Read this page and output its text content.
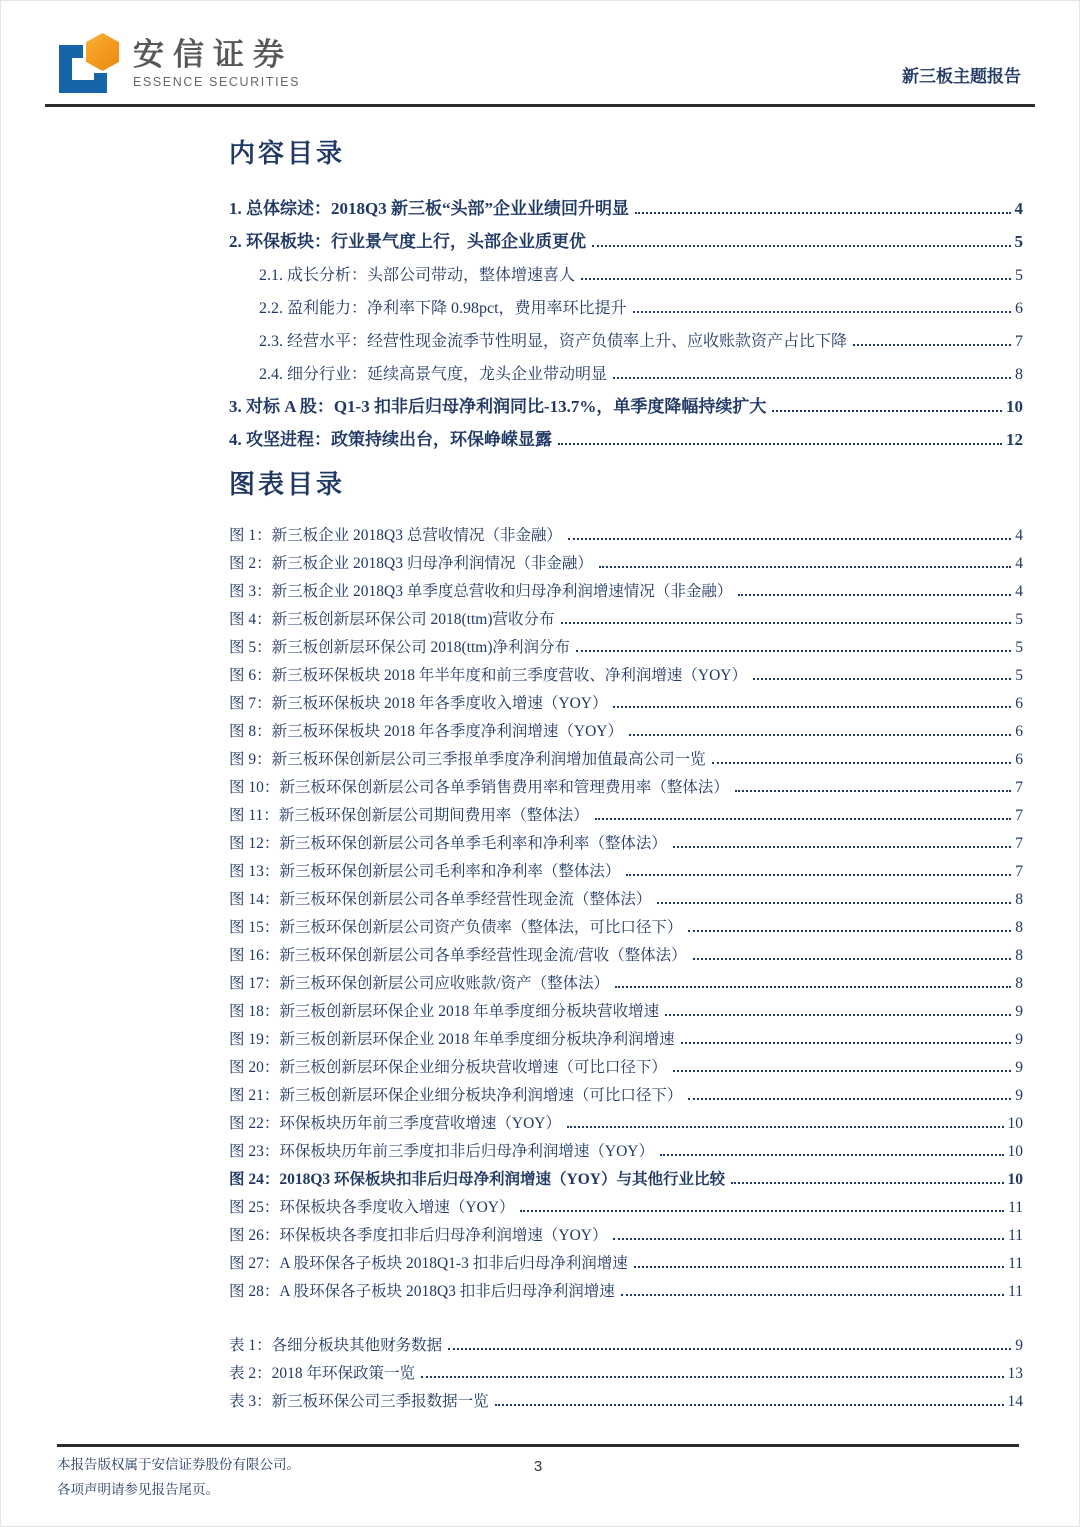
安信证券
ESSENCE SECURITIES	新三板主题报告
内容目录
1. 总体综述：2018Q3 新三板“头部”企业业绩回升明显	4
2. 环保板块：行业景气度上行，头部企业质更优	5
2.1. 成长分析：头部公司带动，整体增速喜人	5
2.2. 盈利能力：净利率下降 0.98pct，费用率环比提升	6
2.3. 经营水平：经营性现金流季节性明显，资产负债率上升、应收账款资产占比下降	7
2.4. 细分行业：延续高景气度，龙头企业带动明显	8
3. 对标 A 股：Q1-3 扣非后归母净利润同比-13.7%，单季度降幅持续扩大	10
4. 攻坚进程：政策持续出台，环保峥嵘显露	12
图表目录
图 1：新三板企业 2018Q3 总营收情况（非金融）	4
图 2：新三板企业 2018Q3 归母净利润情况（非金融）	4
图 3：新三板企业 2018Q3 单季度总营收和归母净利润增速情况（非金融）	4
图 4：新三板创新层环保公司 2018(ttm)营收分布	5
图 5：新三板创新层环保公司 2018(ttm)净利润分布	5
图 6：新三板环保板块 2018 年半年度和前三季度营收、净利润增速（YOY）	5
图 7：新三板环保板块 2018 年各季度收入增速（YOY）	6
图 8：新三板环保板块 2018 年各季度净利润增速（YOY）	6
图 9：新三板环保创新层公司三季报单季度净利润增加值最高公司一览	6
图 10：新三板环保创新层公司各单季销售费用率和管理费用率（整体法）	7
图 11：新三板环保创新层公司期间费用率（整体法）	7
图 12：新三板环保创新层公司各单季毛利率和净利率（整体法）	7
图 13：新三板环保创新层公司毛利率和净利率（整体法）	7
图 14：新三板环保创新层公司各单季经营性现金流（整体法）	8
图 15：新三板环保创新层公司资产负债率（整体法，可比口径下）	8
图 16：新三板环保创新层公司各单季经营性现金流/营收（整体法）	8
图 17：新三板环保创新层公司应收账款/资产（整体法）	8
图 18：新三板创新层环保企业 2018 年单季度细分板块营收增速	9
图 19：新三板创新层环保企业 2018 年单季度细分板块净利润增速	9
图 20：新三板创新层环保企业细分板块营收增速（可比口径下）	9
图 21：新三板创新层环保企业细分板块净利润增速（可比口径下）	9
图 22：环保板块历年前三季度营收增速（YOY）	10
图 23：环保板块历年前三季度扣非后归母净利润增速（YOY）	10
图 24：2018Q3 环保板块扣非后归母净利润增速（YOY）与其他行业比较	10
图 25：环保板块各季度收入增速（YOY）	11
图 26：环保板块各季度扣非后归母净利润增速（YOY）	11
图 27：A 股环保各子板块 2018Q1-3 扣非后归母净利润增速	11
图 28：A 股环保各子板块 2018Q3 扣非后归母净利润增速	11
表 1：各细分板块其他财务数据	9
表 2：2018 年环保政策一览	13
表 3：新三板环保公司三季报数据一览	14
本报告版权属于安信证券股份有限公司。
各项声明请参见报告尾页。
3
